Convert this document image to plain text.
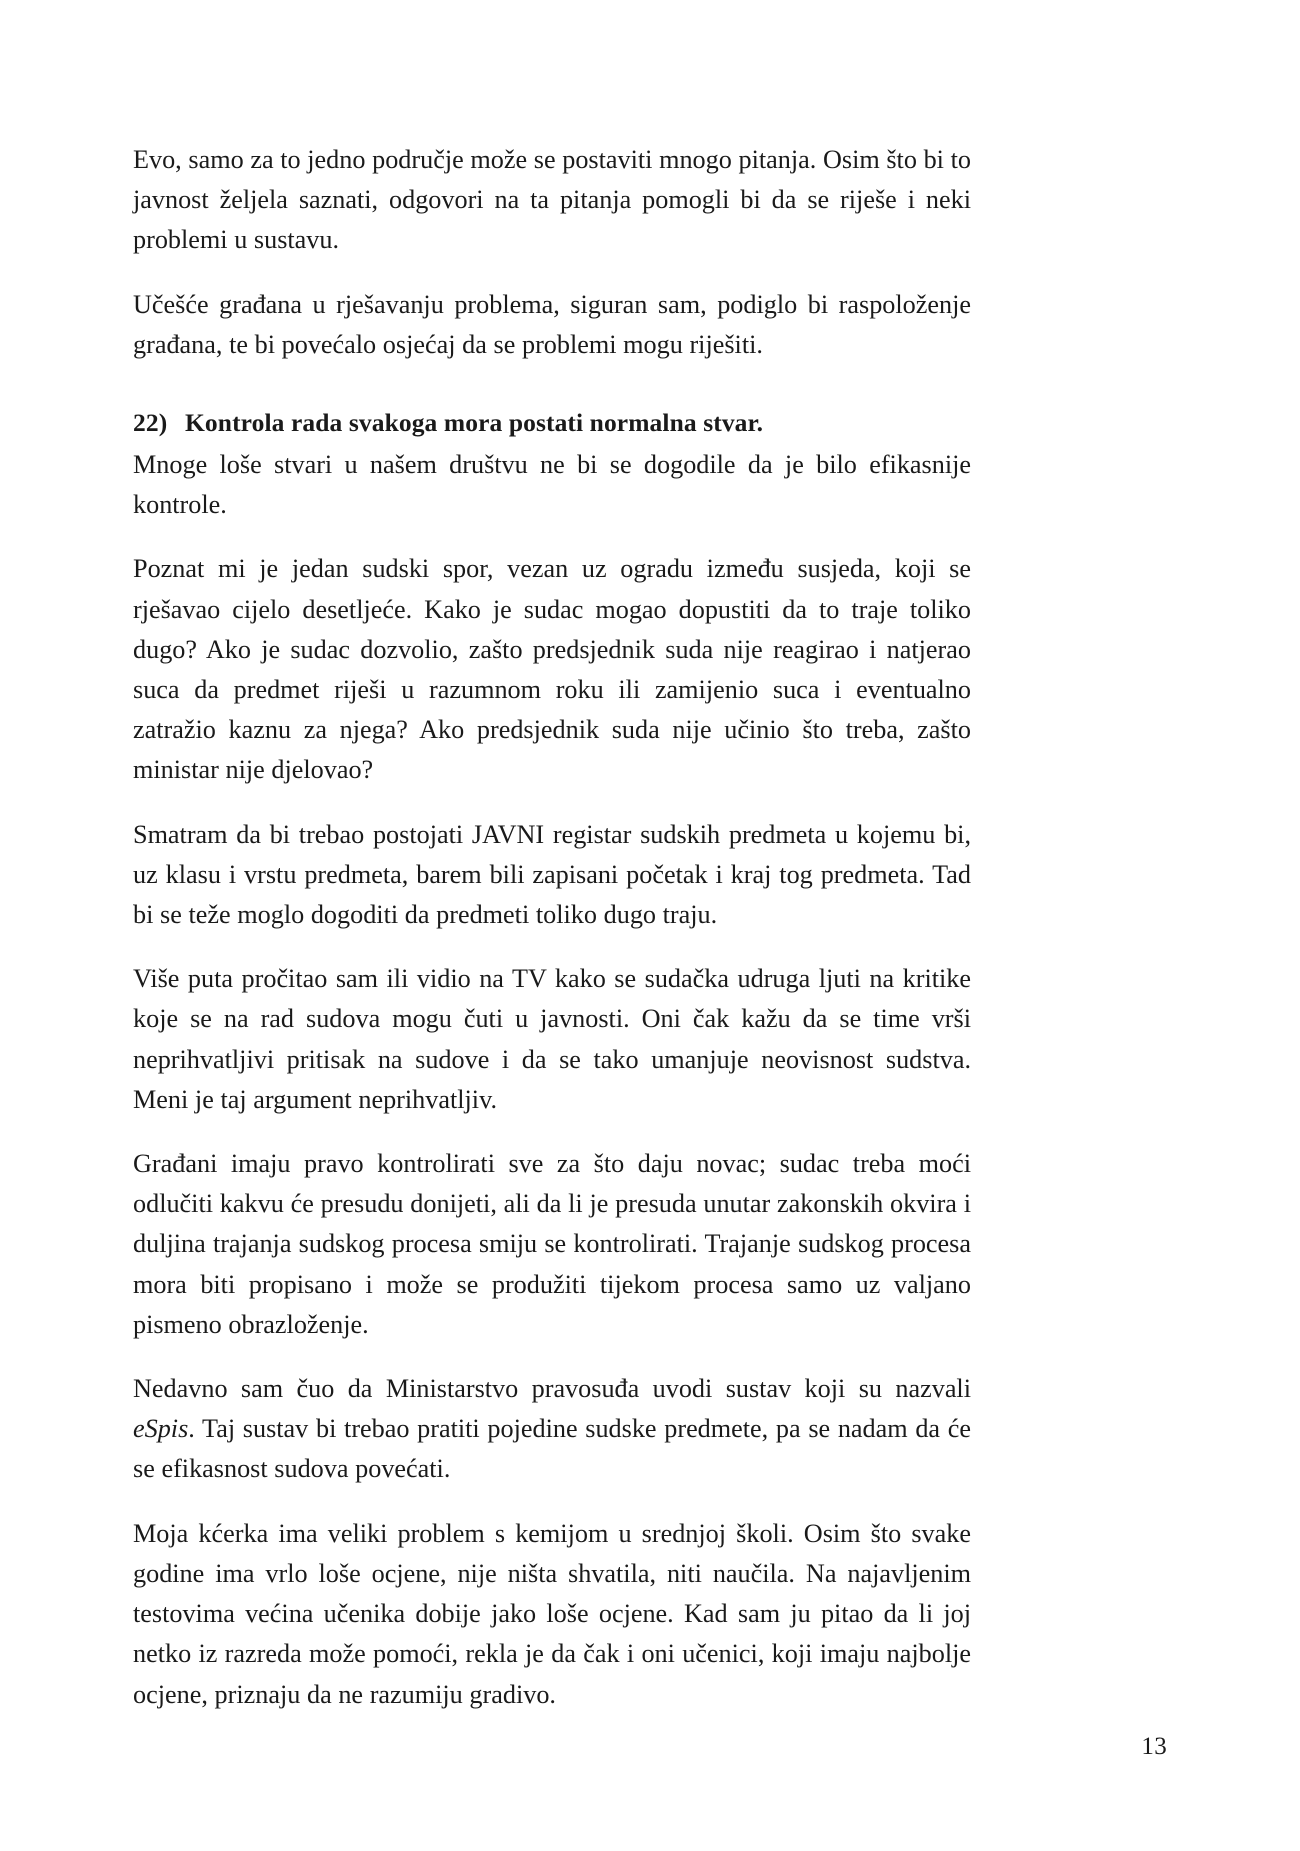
Evo, samo za to jedno područje može se postaviti mnogo pitanja. Osim što bi to javnost željela saznati, odgovori na ta pitanja pomogli bi da se riješe i neki problemi u sustavu.

Učešće građana u rješavanju problema, siguran sam, podiglo bi raspoloženje građana, te bi povećalo osjećaj da se problemi mogu riješiti.

22) Kontrola rada svakoga mora postati normalna stvar.

Mnoge loše stvari u našem društvu ne bi se dogodile da je bilo efikasnije kontrole.

Poznat mi je jedan sudski spor, vezan uz ogradu između susjeda, koji se rješavao cijelo desetljeće. Kako je sudac mogao dopustiti da to traje toliko dugo? Ako je sudac dozvolio, zašto predsjednik suda nije reagirao i natjerao suca da predmet riješi u razumnom roku ili zamijenio suca i eventualno zatražio kaznu za njega? Ako predsjednik suda nije učinio što treba, zašto ministar nije djelovao?

Smatram da bi trebao postojati JAVNI registar sudskih predmeta u kojemu bi, uz klasu i vrstu predmeta, barem bili zapisani početak i kraj tog predmeta. Tad bi se teže moglo dogoditi da predmeti toliko dugo traju.

Više puta pročitao sam ili vidio na TV kako se sudačka udruga ljuti na kritike koje se na rad sudova mogu čuti u javnosti. Oni čak kažu da se time vrši neprihvatljivi pritisak na sudove i da se tako umanjuje neovisnost sudstva. Meni je taj argument neprihvatljiv.

Građani imaju pravo kontrolirati sve za što daju novac; sudac treba moći odlučiti kakvu će presudu donijeti, ali da li je presuda unutar zakonskih okvira i duljina trajanja sudskog procesa smiju se kontrolirati. Trajanje sudskog procesa mora biti propisano i može se produžiti tijekom procesa samo uz valjano pismeno obrazloženje.

Nedavno sam čuo da Ministarstvo pravosuđa uvodi sustav koji su nazvali eSpis. Taj sustav bi trebao pratiti pojedine sudske predmete, pa se nadam da će se efikasnost sudova povećati.

Moja kćerka ima veliki problem s kemijom u srednjoj školi. Osim što svake godine ima vrlo loše ocjene, nije ništa shvatila, niti naučila. Na najavljenim testovima većina učenika dobije jako loše ocjene. Kad sam ju pitao da li joj netko iz razreda može pomoći, rekla je da čak i oni učenici, koji imaju najbolje ocjene, priznaju da ne razumiju gradivo.

13
